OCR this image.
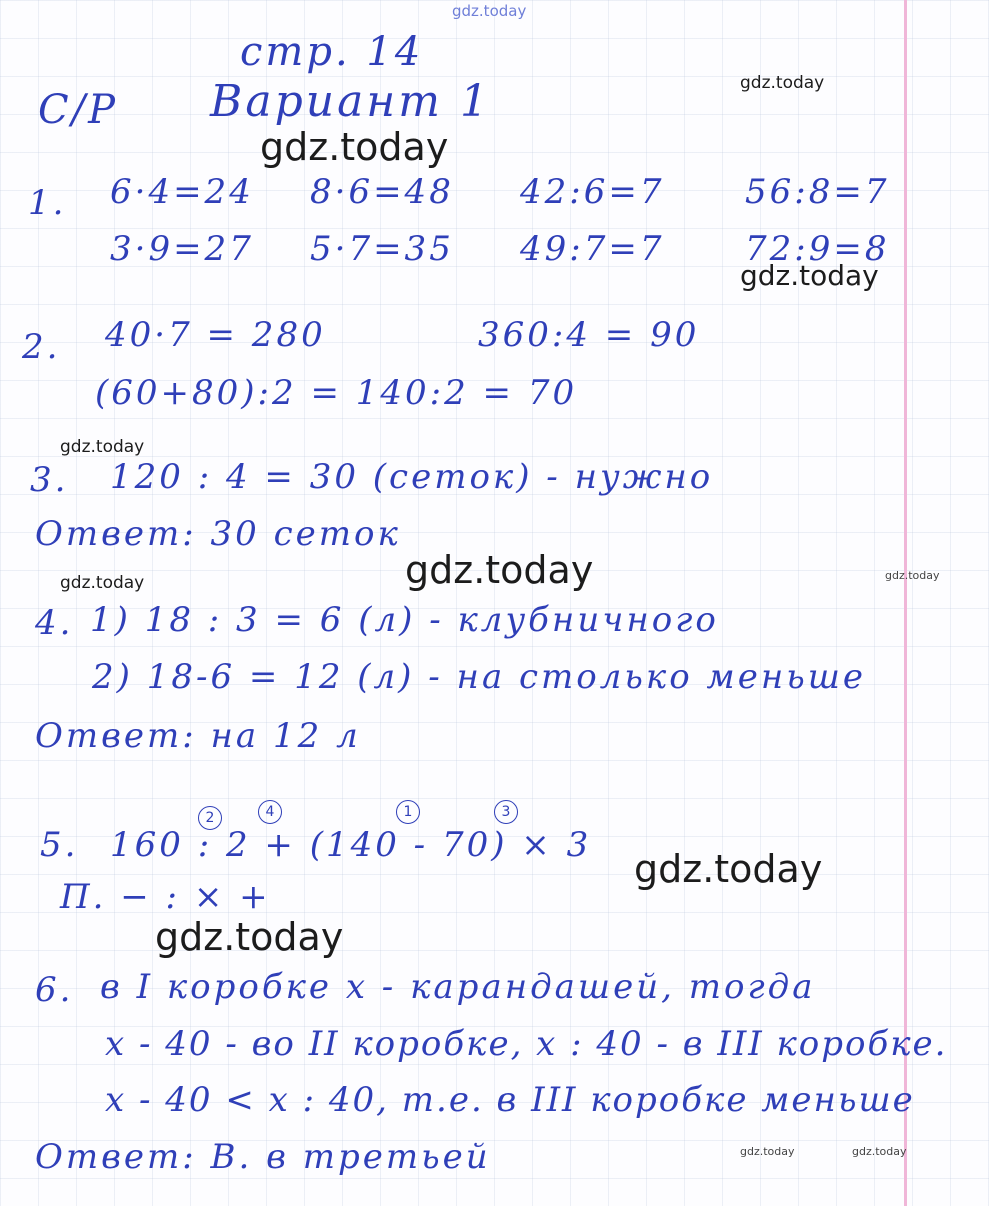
gdz.today
стр. 14
С/Р Вариант 1
1. 6·4=24 8·6=48 42:6=7 56:8=7
3·9=27 5·7=35 49:7=7 72:9=8
2. 40·7 = 280	360:4 = 90
(60+80):2 = 140:2 = 70
3. 120 : 4 = 30 (сеток) - нужно
Ответ: 30 сеток
4. 1) 18 : 3 = 6 (л) - клубничного
2) 18-6 = 12 (л) - на столько меньше
Ответ: на 12 л
5.
2	4	1	3
160 : 2 + (140 - 70) × 3
П. − : × +
6. в I коробке х - карандашей, тогда
х - 40 - во II коробке, х : 40 - в III коробке.
х - 40 < х : 40, т.е. в III коробке меньше
Ответ: В. в третьей
gdz.today
gdz.today
gdz.today
gdz.today
gdz.today	gdz.today	gdz.today
gdz.today
gdz.today
gdz.today	gdz.today
